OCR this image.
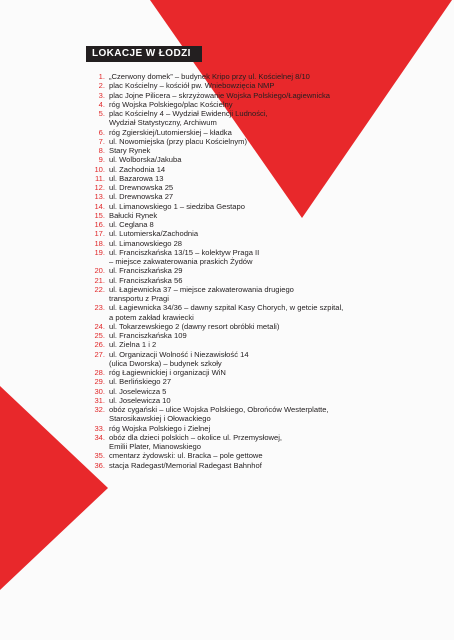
LOKACJE W ŁODZI
1. „Czerwony domek” – budynek Kripo przy ul. Kościelnej 8/10
2. plac Kościelny – kościół pw. Wniebowzięcia NMP
3. plac Jojne Pilicera – skrzyżowanie Wojska Polskiego/Łagiewnicka
4. róg Wojska Polskiego/plac Kościelny
5. plac Kościelny 4 – Wydział Ewidencji Ludności,
Wydział Statystyczny, Archiwum
6. róg Zgierskiej/Lutomierskiej – kładka
7. ul. Nowomiejska (przy placu Kościelnym)
8. Stary Rynek
9. ul. Wolborska/Jakuba
10. ul. Zachodnia 14
11. ul. Bazarowa 13
12. ul. Drewnowska 25
13. ul. Drewnowska 27
14. ul. Limanowskiego 1 – siedziba Gestapo
15. Bałucki Rynek
16. ul. Ceglana 8
17. ul. Lutomierska/Zachodnia
18. ul. Limanowskiego 28
19. ul. Franciszkańska 13/15 – kolektyw Praga II
– miejsce zakwaterowania praskich Żydów
20. ul. Franciszkańska 29
21. ul. Franciszkańska 56
22. ul. Łagiewnicka 37 – miejsce zakwaterowania drugiego
transportu z Pragi
23. ul. Łagiewnicka 34/36 – dawny szpital Kasy Chorych, w getcie szpital,
a potem zakład krawiecki
24. ul. Tokarzewskiego 2 (dawny resort obróbki metali)
25. ul. Franciszkańska 109
26. ul. Zielna 1 i 2
27. ul. Organizacji Wolność i Niezawisłość 14
(ulica Dworska) – budynek szkoły
28. róg Łagiewnickiej i organizacji WiN
29. ul. Berlińskiego 27
30. ul. Joselewicza 5
31. ul. Joselewicza 10
32. obóz cygański – ulice Wojska Polskiego, Obrońców Westerplatte,
Starosikawskiej i Ołowackiego
33. róg Wojska Polskiego i Zielnej
34. obóz dla dzieci polskich – okolice ul. Przemysłowej,
Emilii Plater, Mianowskiego
35. cmentarz żydowski: ul. Bracka – pole gettowe
36. stacja Radegast/Memorial Radegast Bahnhof
